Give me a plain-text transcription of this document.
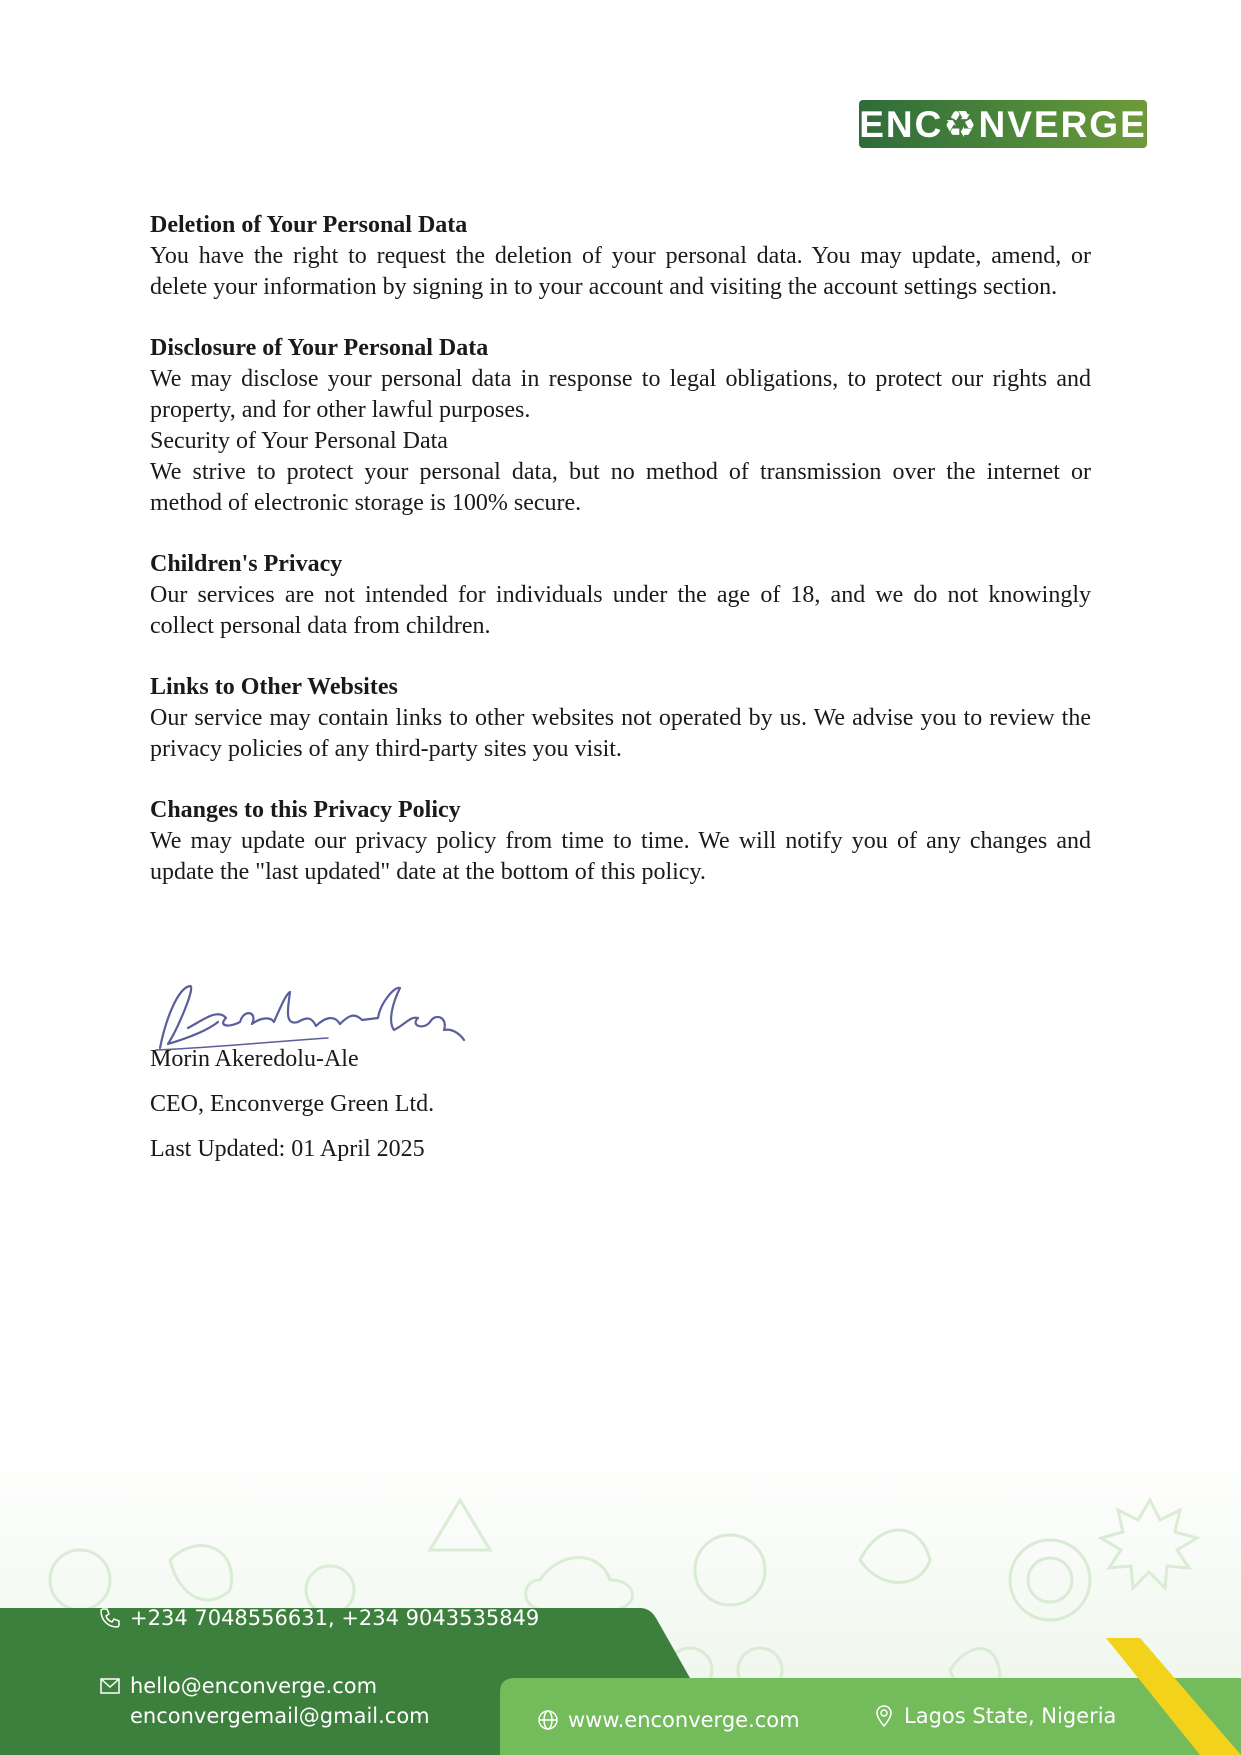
ENC♻NVERGE

Deletion of Your Personal Data

You have the right to request the deletion of your personal data. You may update, amend, or delete your information by signing in to your account and visiting the account settings section.

Disclosure of Your Personal Data

We may disclose your personal data in response to legal obligations, to protect our rights and property, and for other lawful purposes.

Security of Your Personal Data

We strive to protect your personal data, but no method of transmission over the internet or method of electronic storage is 100% secure.

Children's Privacy

Our services are not intended for individuals under the age of 18, and we do not knowingly collect personal data from children.

Links to Other Websites

Our service may contain links to other websites not operated by us. We advise you to review the privacy policies of any third-party sites you visit.

Changes to this Privacy Policy

We may update our privacy policy from time to time. We will notify you of any changes and update the "last updated" date at the bottom of this policy.

Morin Akeredolu-Ale
CEO, Enconverge Green Ltd.
Last Updated: 01 April 2025
+234 7048556631, +234 9043535849
hello@enconverge.com
enconvergemail@gmail.com	www.enconverge.com	Lagos State, Nigeria
